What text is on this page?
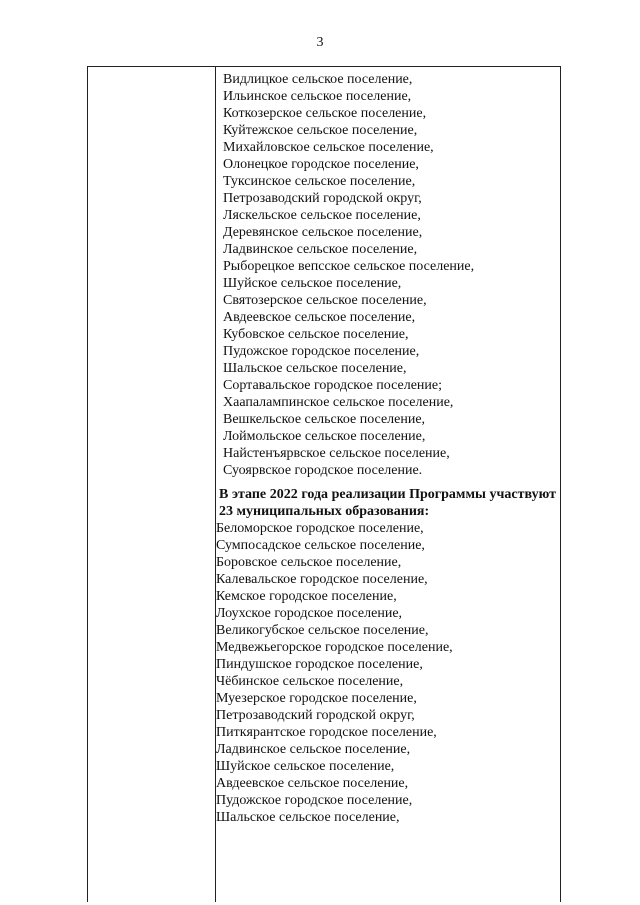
3
Видлицкое сельское поселение,
Ильинское сельское поселение,
Коткозерское сельское поселение,
Куйтежское сельское поселение,
Михайловское сельское поселение,
Олонецкое городское поселение,
Туксинское сельское поселение,
Петрозаводский городской округ,
Ляскельское сельское поселение,
Деревянское сельское поселение,
Ладвинское сельское поселение,
Рыборецкое вепсское сельское поселение,
Шуйское сельское поселение,
Святозерское сельское поселение,
Авдеевское сельское поселение,
Кубовское сельское поселение,
Пудожское городское поселение,
Шальское сельское поселение,
Сортавальское городское поселение;
Хаапалампинское сельское поселение,
Вешкельское сельское поселение,
Лоймольское сельское поселение,
Найстенъярвское сельское поселение,
Суоярвское городское поселение.
В этапе 2022 года реализации Программы участвуют 23 муниципальных образования:
Беломорское городское поселение,
Сумпосадское сельское поселение,
Боровское сельское поселение,
Калевальское городское поселение,
Кемское городское поселение,
Лоухское городское поселение,
Великогубское сельское поселение,
Медвежьегорское городское поселение,
Пиндушское городское поселение,
Чёбинское сельское поселение,
Муезерское городское поселение,
Петрозаводский городской округ,
Питкярантское городское поселение,
Ладвинское сельское поселение,
Шуйское сельское поселение,
Авдеевское сельское поселение,
Пудожское городское поселение,
Шальское сельское поселение,
